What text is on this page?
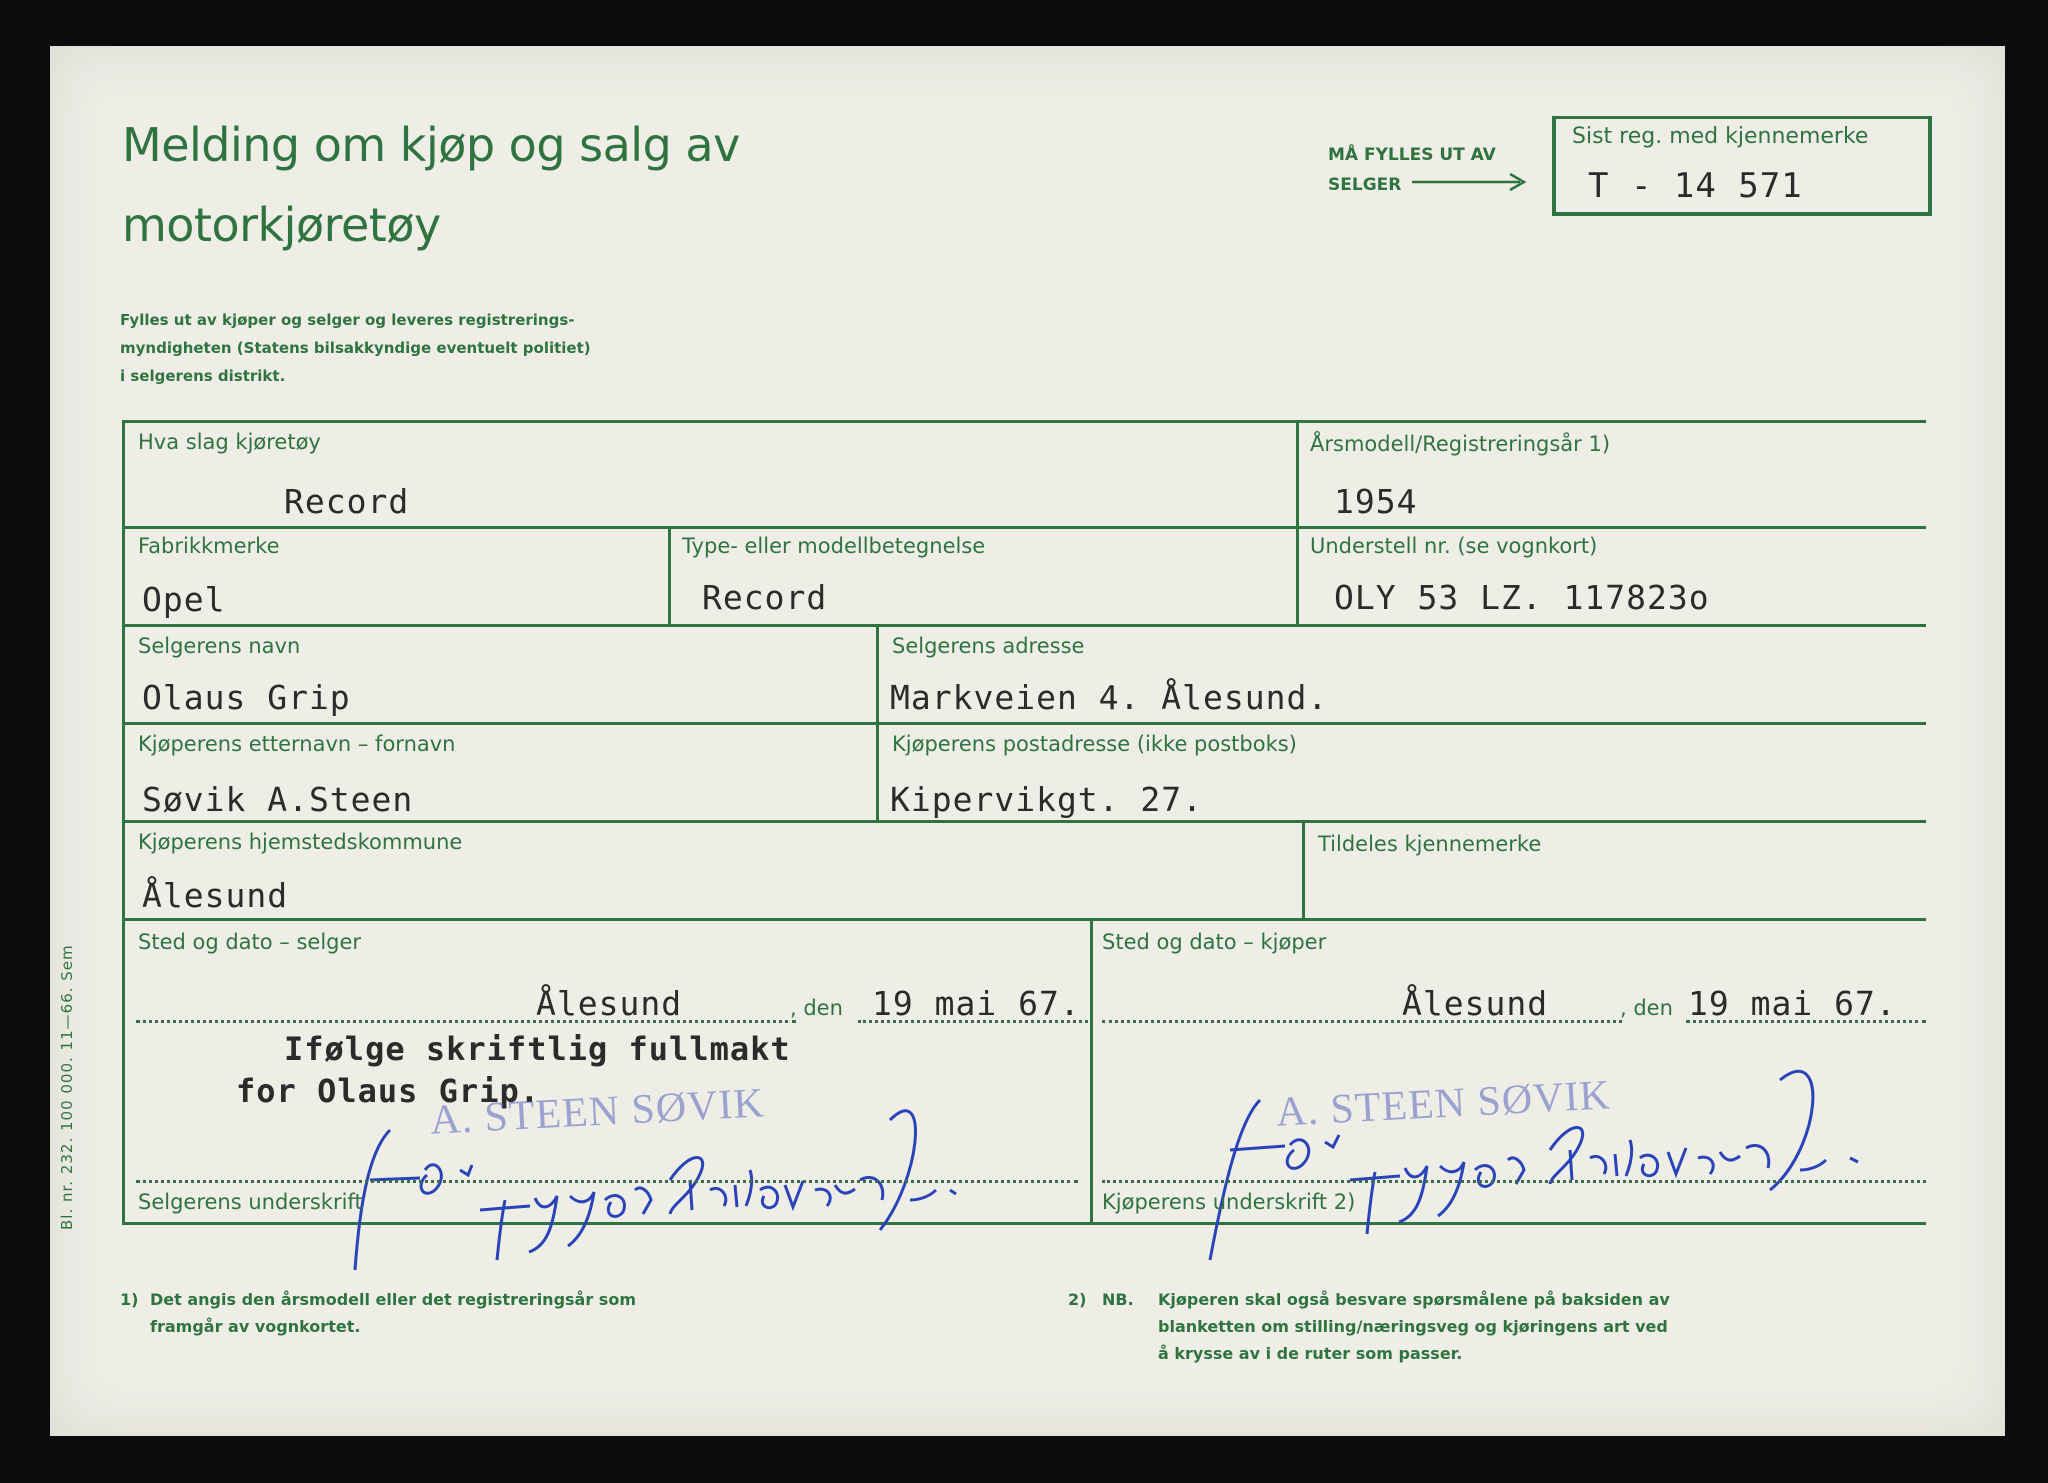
Melding om kjøp og salg av
motorkjøretøy
Fylles ut av kjøper og selger og leveres registrerings-
myndigheten (Statens bilsakkyndige eventuelt politiet)
i selgerens distrikt.
MÅ FYLLES UT AV
SELGER
Sist reg. med kjennemerke
T - 14 571
Hva slag kjøretøy
Record
Årsmodell/Registreringsår 1)
1954
Fabrikkmerke
Opel
Type- eller modellbetegnelse
Record
Understell nr. (se vognkort)
OLY 53 LZ. 117823o
Selgerens navn
Olaus Grip
Selgerens adresse
Markveien 4. Ålesund.
Kjøperens etternavn – fornavn
Søvik A.Steen
Kjøperens postadresse (ikke postboks)
Kipervikgt. 27.
Kjøperens hjemstedskommune
Ålesund
Tildeles kjennemerke
Sted og dato – selger	Sted og dato – kjøper
Ålesund	, den 19 mai 67.	Ålesund	, den 19 mai 67.
Ifølge skriftlig fullmakt
for Olaus Grip.
A. STEEN SØVIK	A. STEEN SØVIK
Selgerens underskrift	Kjøperens underskrift 2)
Bl. nr. 232. 100 000. 11—66. Sem
1) Det angis den årsmodell eller det registreringsår som
framgår av vognkortet.
2) NB. Kjøperen skal også besvare spørsmålene på baksiden av
blanketten om stilling/næringsveg og kjøringens art ved
å krysse av i de ruter som passer.
